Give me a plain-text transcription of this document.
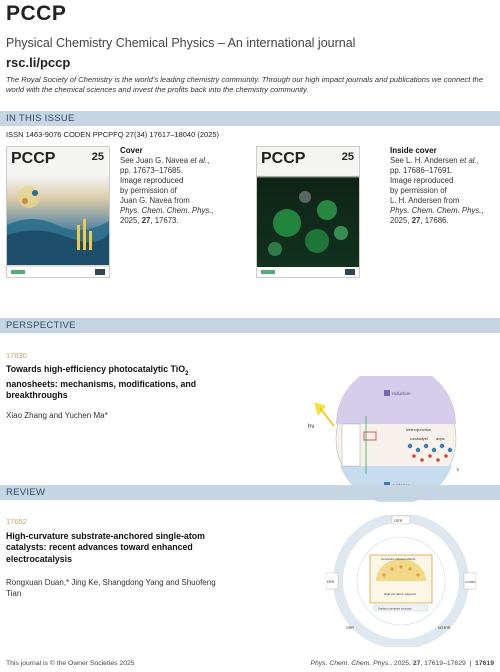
PCCP
Physical Chemistry Chemical Physics – An international journal
rsc.li/pccp
The Royal Society of Chemistry is the world's leading chemistry community. Through our high impact journals and publications we connect the world with the chemical sciences and invest the profits back into the chemistry community.
IN THIS ISSUE
ISSN 1463-9076 CODEN PPCPFQ 27(34) 17617–18040 (2025)
PCCP	25
Cover
See Juan G. Navea et al.,
pp. 17673–17685.
Image reproduced
by permission of
Juan G. Navea from
Phys. Chem. Chem. Phys.,
2025, 27, 17673.
PCCP	25
Inside cover
See L. H. Andersen et al.,
pp. 17686–17691.
Image reproduced
by permission of
L. H. Andersen from
Phys. Chem. Chem. Phys.,
2025, 27, 17686.
PERSPECTIVE
17630
Towards high-efficiency photocatalytic TiO$_2$ nanosheets: mechanisms, modifications, and breakthroughs
Xiao Zhang and Yuchen Ma*
hν
reduction
heterojunction
cocatalyst dops
Ti
REVIEW
17652
High-curvature substrate-anchored single-atom catalysts: recent advances toward enhanced electrocatalysis
Rongxuan Duan,* Jing Ke, Shangdong Yang and Shuofeng Tian
OER
HER	CO2RR
ORR	NO3RR
Curvature-induced effects
High-curvature supports
Surface curvature structure
This journal is © the Owner Societies 2025	Phys. Chem. Chem. Phys., 2025, 27, 17619–17629  |  17619
